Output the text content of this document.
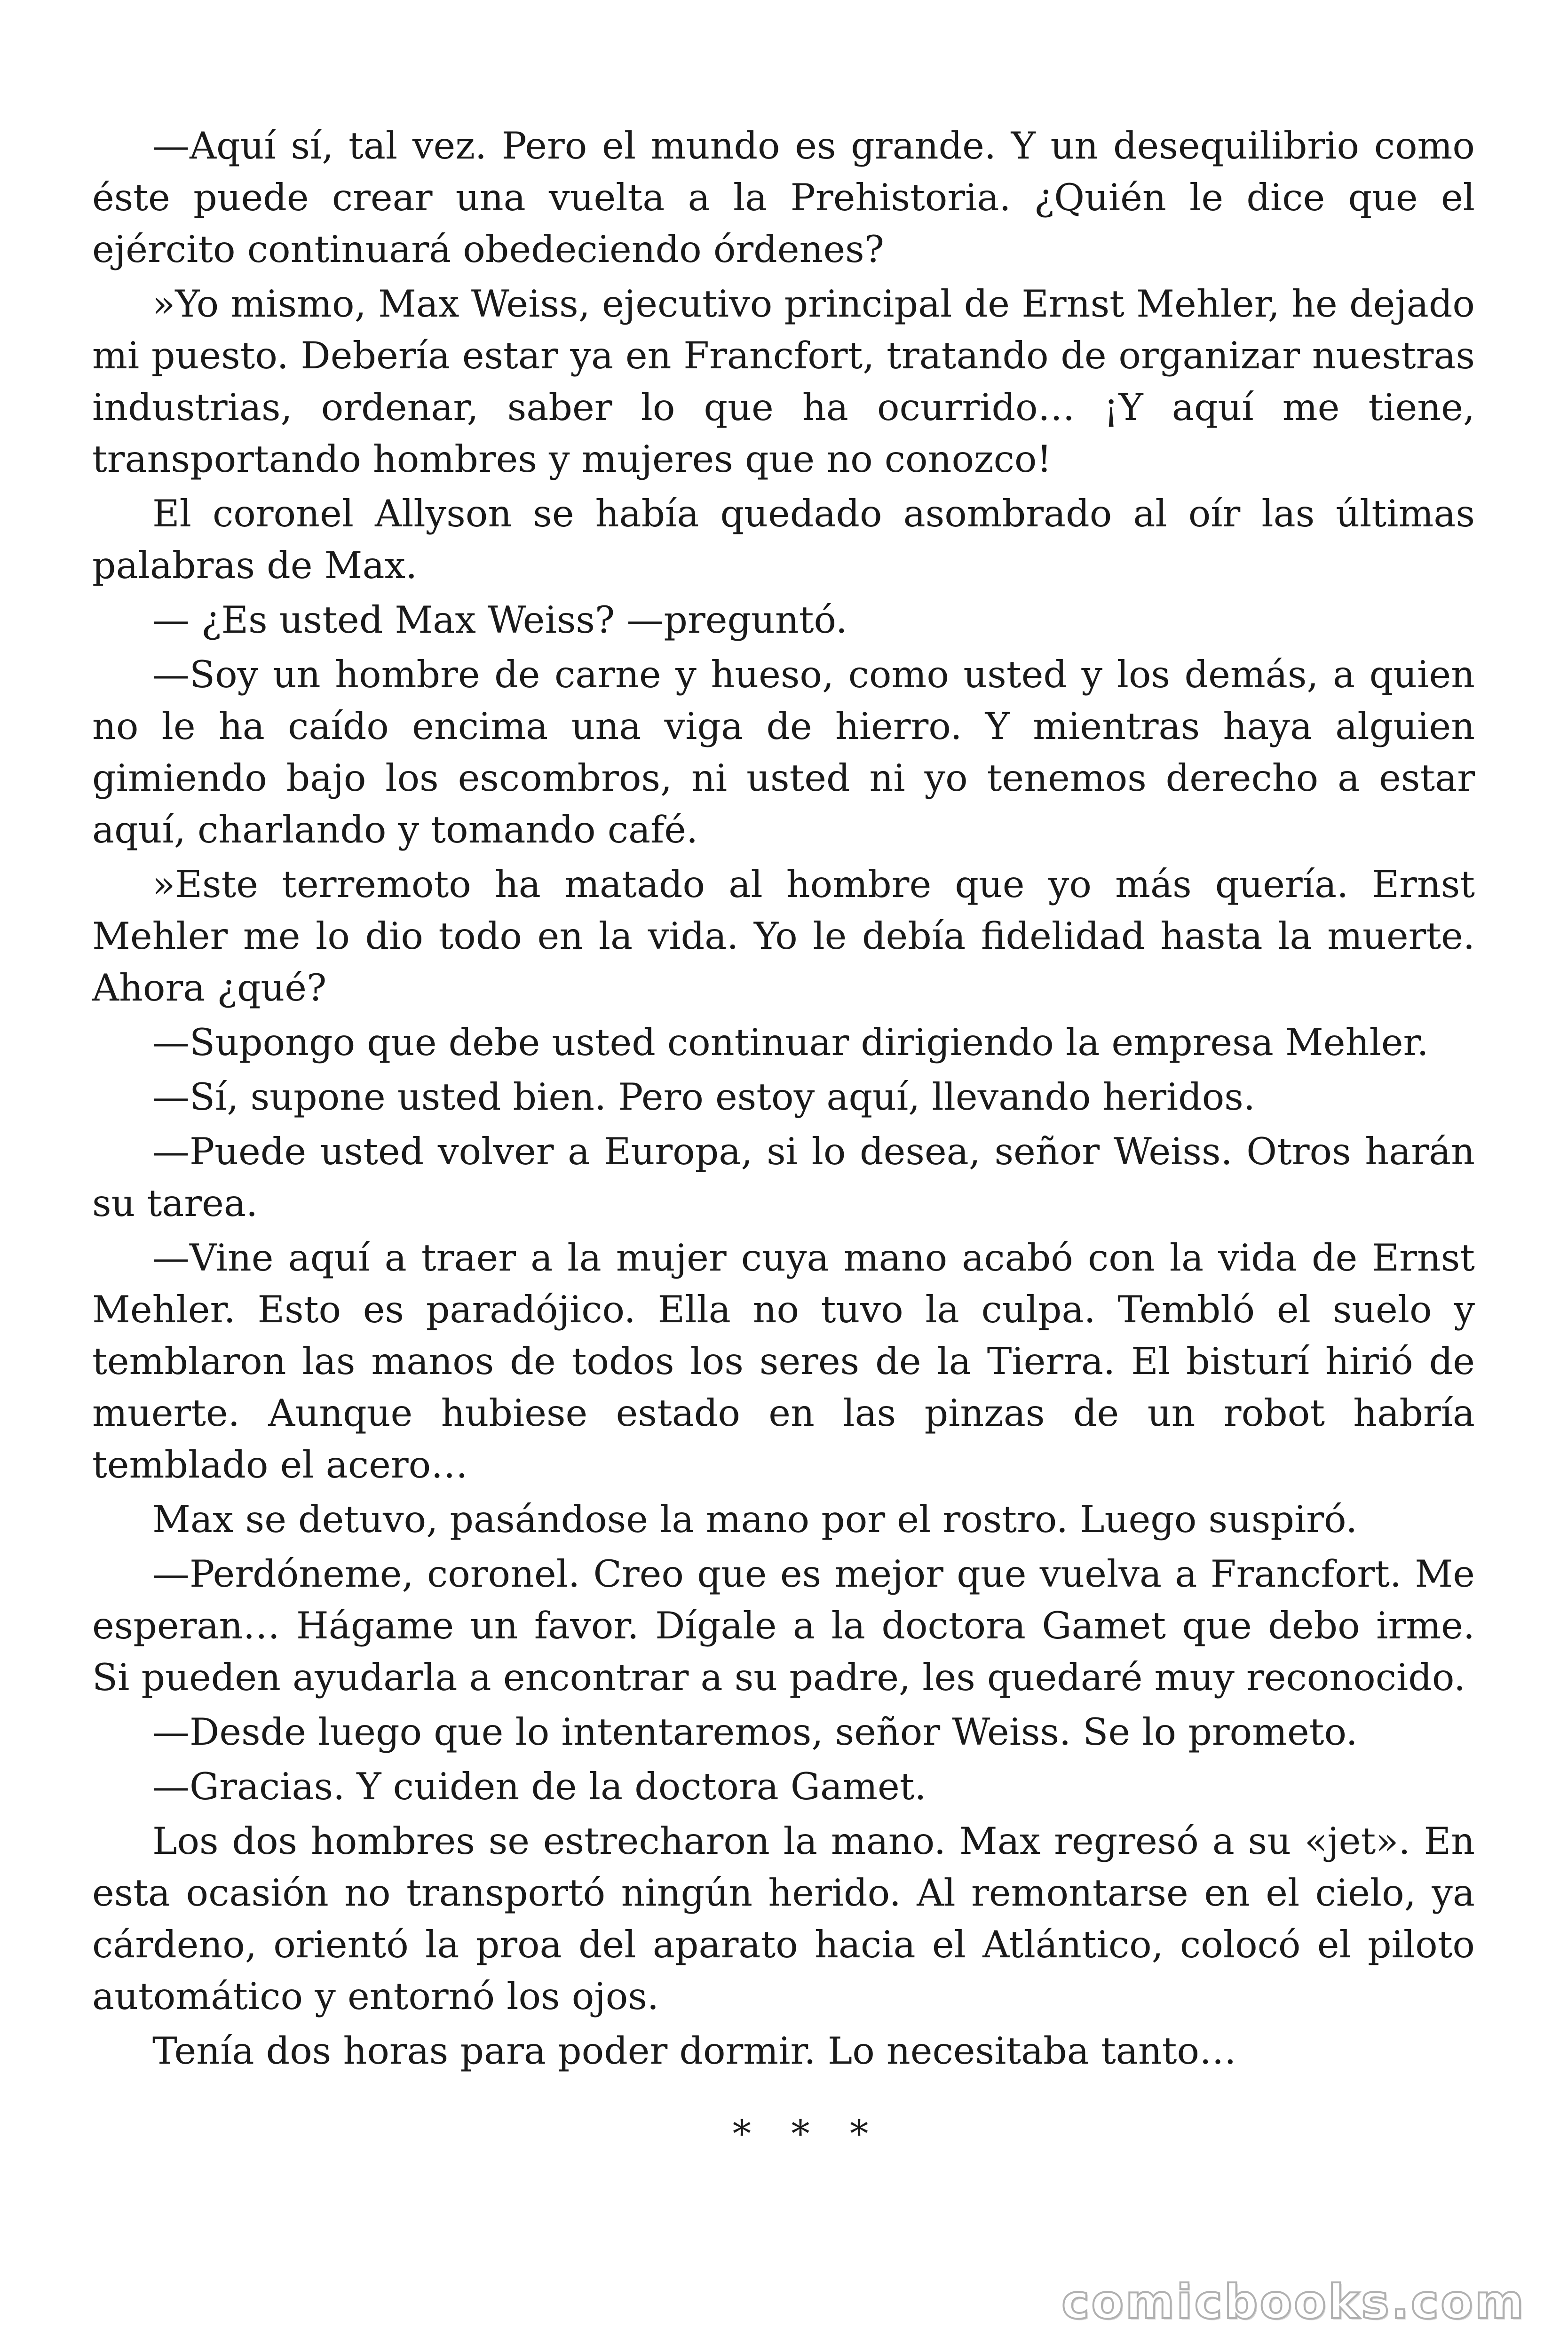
—Aquí sí, tal vez. Pero el mundo es grande. Y un desequilibrio como éste puede crear una vuelta a la Prehistoria. ¿Quién le dice que el ejército continuará obedeciendo órdenes?

»Yo mismo, Max Weiss, ejecutivo principal de Ernst Mehler, he dejado mi puesto. Debería estar ya en Francfort, tratando de organizar nuestras industrias, ordenar, saber lo que ha ocurrido… ¡Y aquí me tiene, transportando hombres y mujeres que no conozco!

El coronel Allyson se había quedado asombrado al oír las últimas palabras de Max.

— ¿Es usted Max Weiss? —preguntó.

—Soy un hombre de carne y hueso, como usted y los demás, a quien no le ha caído encima una viga de hierro. Y mientras haya alguien gimiendo bajo los escombros, ni usted ni yo tenemos derecho a estar aquí, charlando y tomando café.

»Este terremoto ha matado al hombre que yo más quería. Ernst Mehler me lo dio todo en la vida. Yo le debía fidelidad hasta la muerte. Ahora ¿qué?

—Supongo que debe usted continuar dirigiendo la empresa Mehler.

—Sí, supone usted bien. Pero estoy aquí, llevando heridos.

—Puede usted volver a Europa, si lo desea, señor Weiss. Otros harán su tarea.

—Vine aquí a traer a la mujer cuya mano acabó con la vida de Ernst Mehler. Esto es paradójico. Ella no tuvo la culpa. Tembló el suelo y temblaron las manos de todos los seres de la Tierra. El bisturí hirió de muerte. Aunque hubiese estado en las pinzas de un robot habría temblado el acero…

Max se detuvo, pasándose la mano por el rostro. Luego suspiró.

—Perdóneme, coronel. Creo que es mejor que vuelva a Francfort. Me esperan… Hágame un favor. Dígale a la doctora Gamet que debo irme. Si pueden ayudarla a encontrar a su padre, les quedaré muy reconocido.

—Desde luego que lo intentaremos, señor Weiss. Se lo prometo.

—Gracias. Y cuiden de la doctora Gamet.

Los dos hombres se estrecharon la mano. Max regresó a su «jet». En esta ocasión no transportó ningún herido. Al remontarse en el cielo, ya cárdeno, orientó la proa del aparato hacia el Atlántico, colocó el piloto automático y entornó los ojos.

Tenía dos horas para poder dormir. Lo necesitaba tanto…

* * *
comicbooks.com
